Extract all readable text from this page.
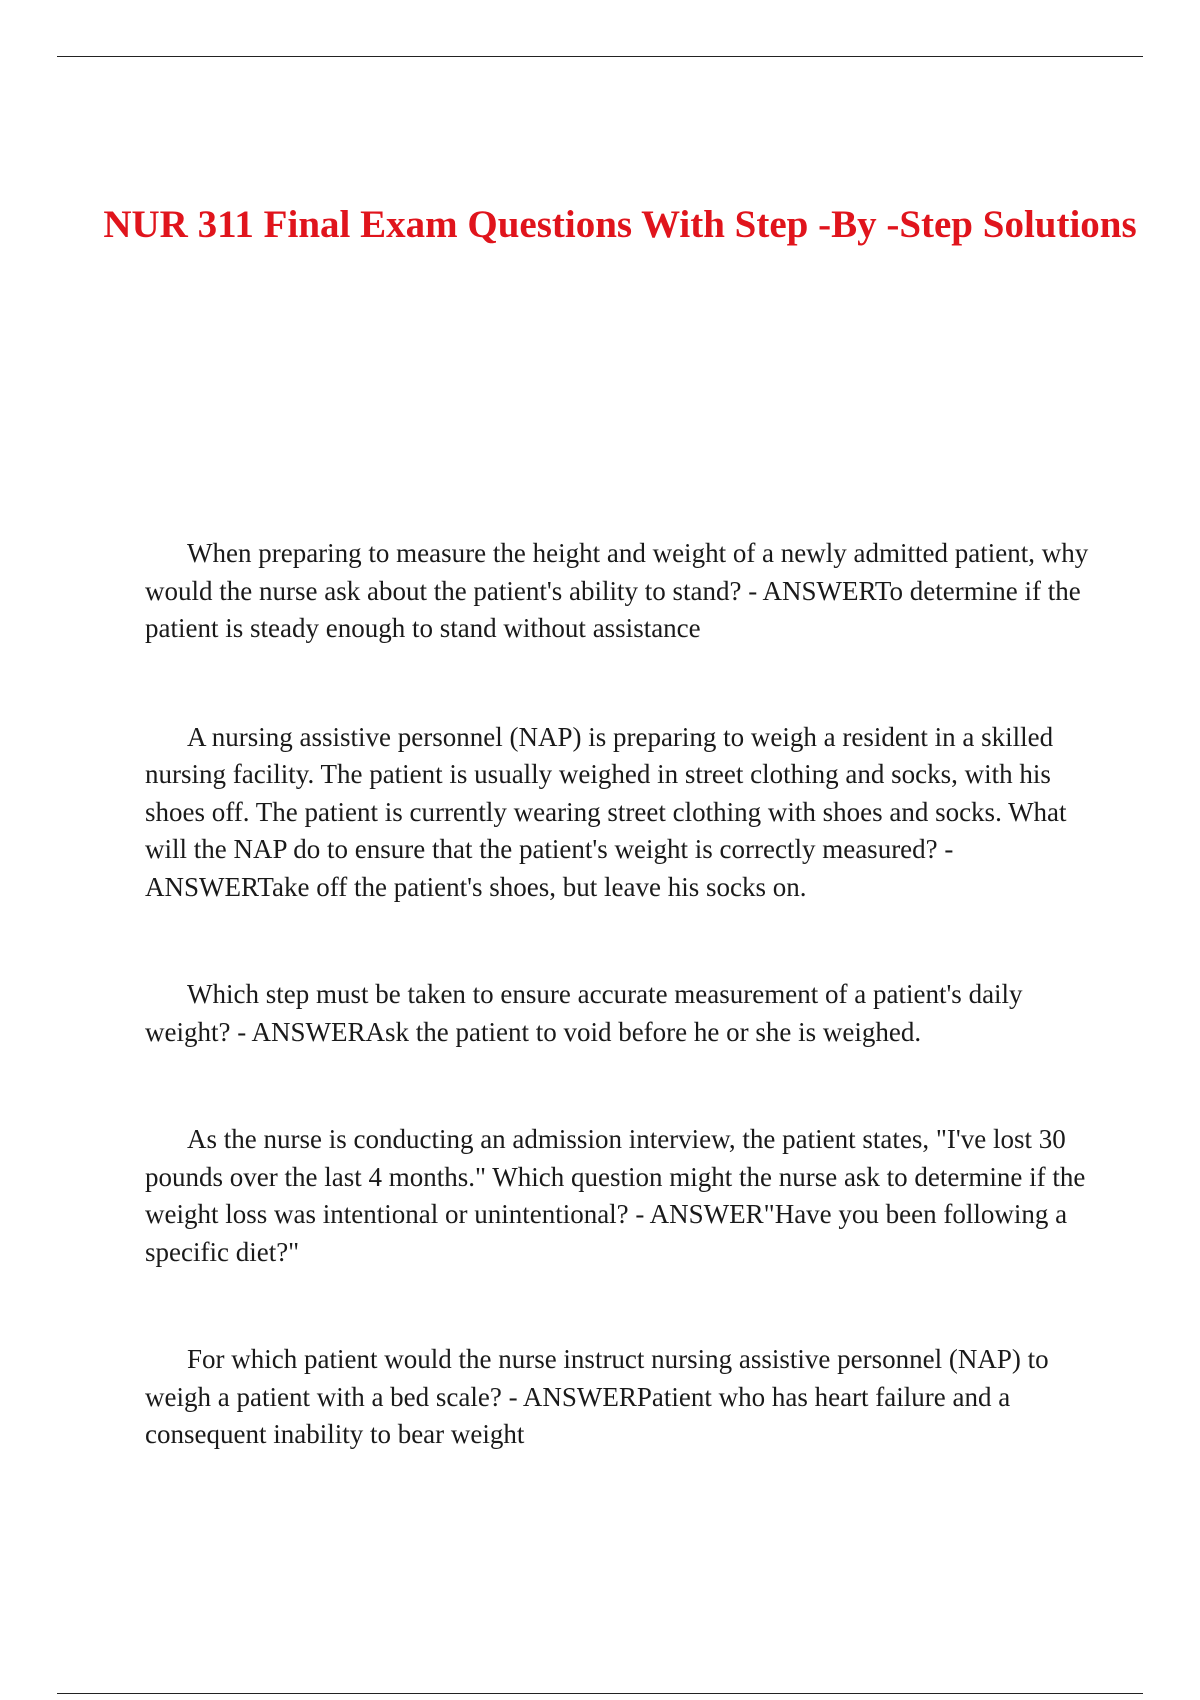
NUR 311 Final Exam Questions With Step -By -Step Solutions

When preparing to measure the height and weight of a newly admitted patient, why would the nurse ask about the patient's ability to stand? - ANSWERTo determine if the patient is steady enough to stand without assistance

A nursing assistive personnel (NAP) is preparing to weigh a resident in a skilled nursing facility. The patient is usually weighed in street clothing and socks, with his shoes off. The patient is currently wearing street clothing with shoes and socks. What will the NAP do to ensure that the patient's weight is correctly measured? - ANSWERTake off the patient's shoes, but leave his socks on.

Which step must be taken to ensure accurate measurement of a patient's daily weight? - ANSWERAsk the patient to void before he or she is weighed.

As the nurse is conducting an admission interview, the patient states, "I've lost 30 pounds over the last 4 months." Which question might the nurse ask to determine if the weight loss was intentional or unintentional? - ANSWER"Have you been following a specific diet?"

For which patient would the nurse instruct nursing assistive personnel (NAP) to weigh a patient with a bed scale? - ANSWERPatient who has heart failure and a consequent inability to bear weight
